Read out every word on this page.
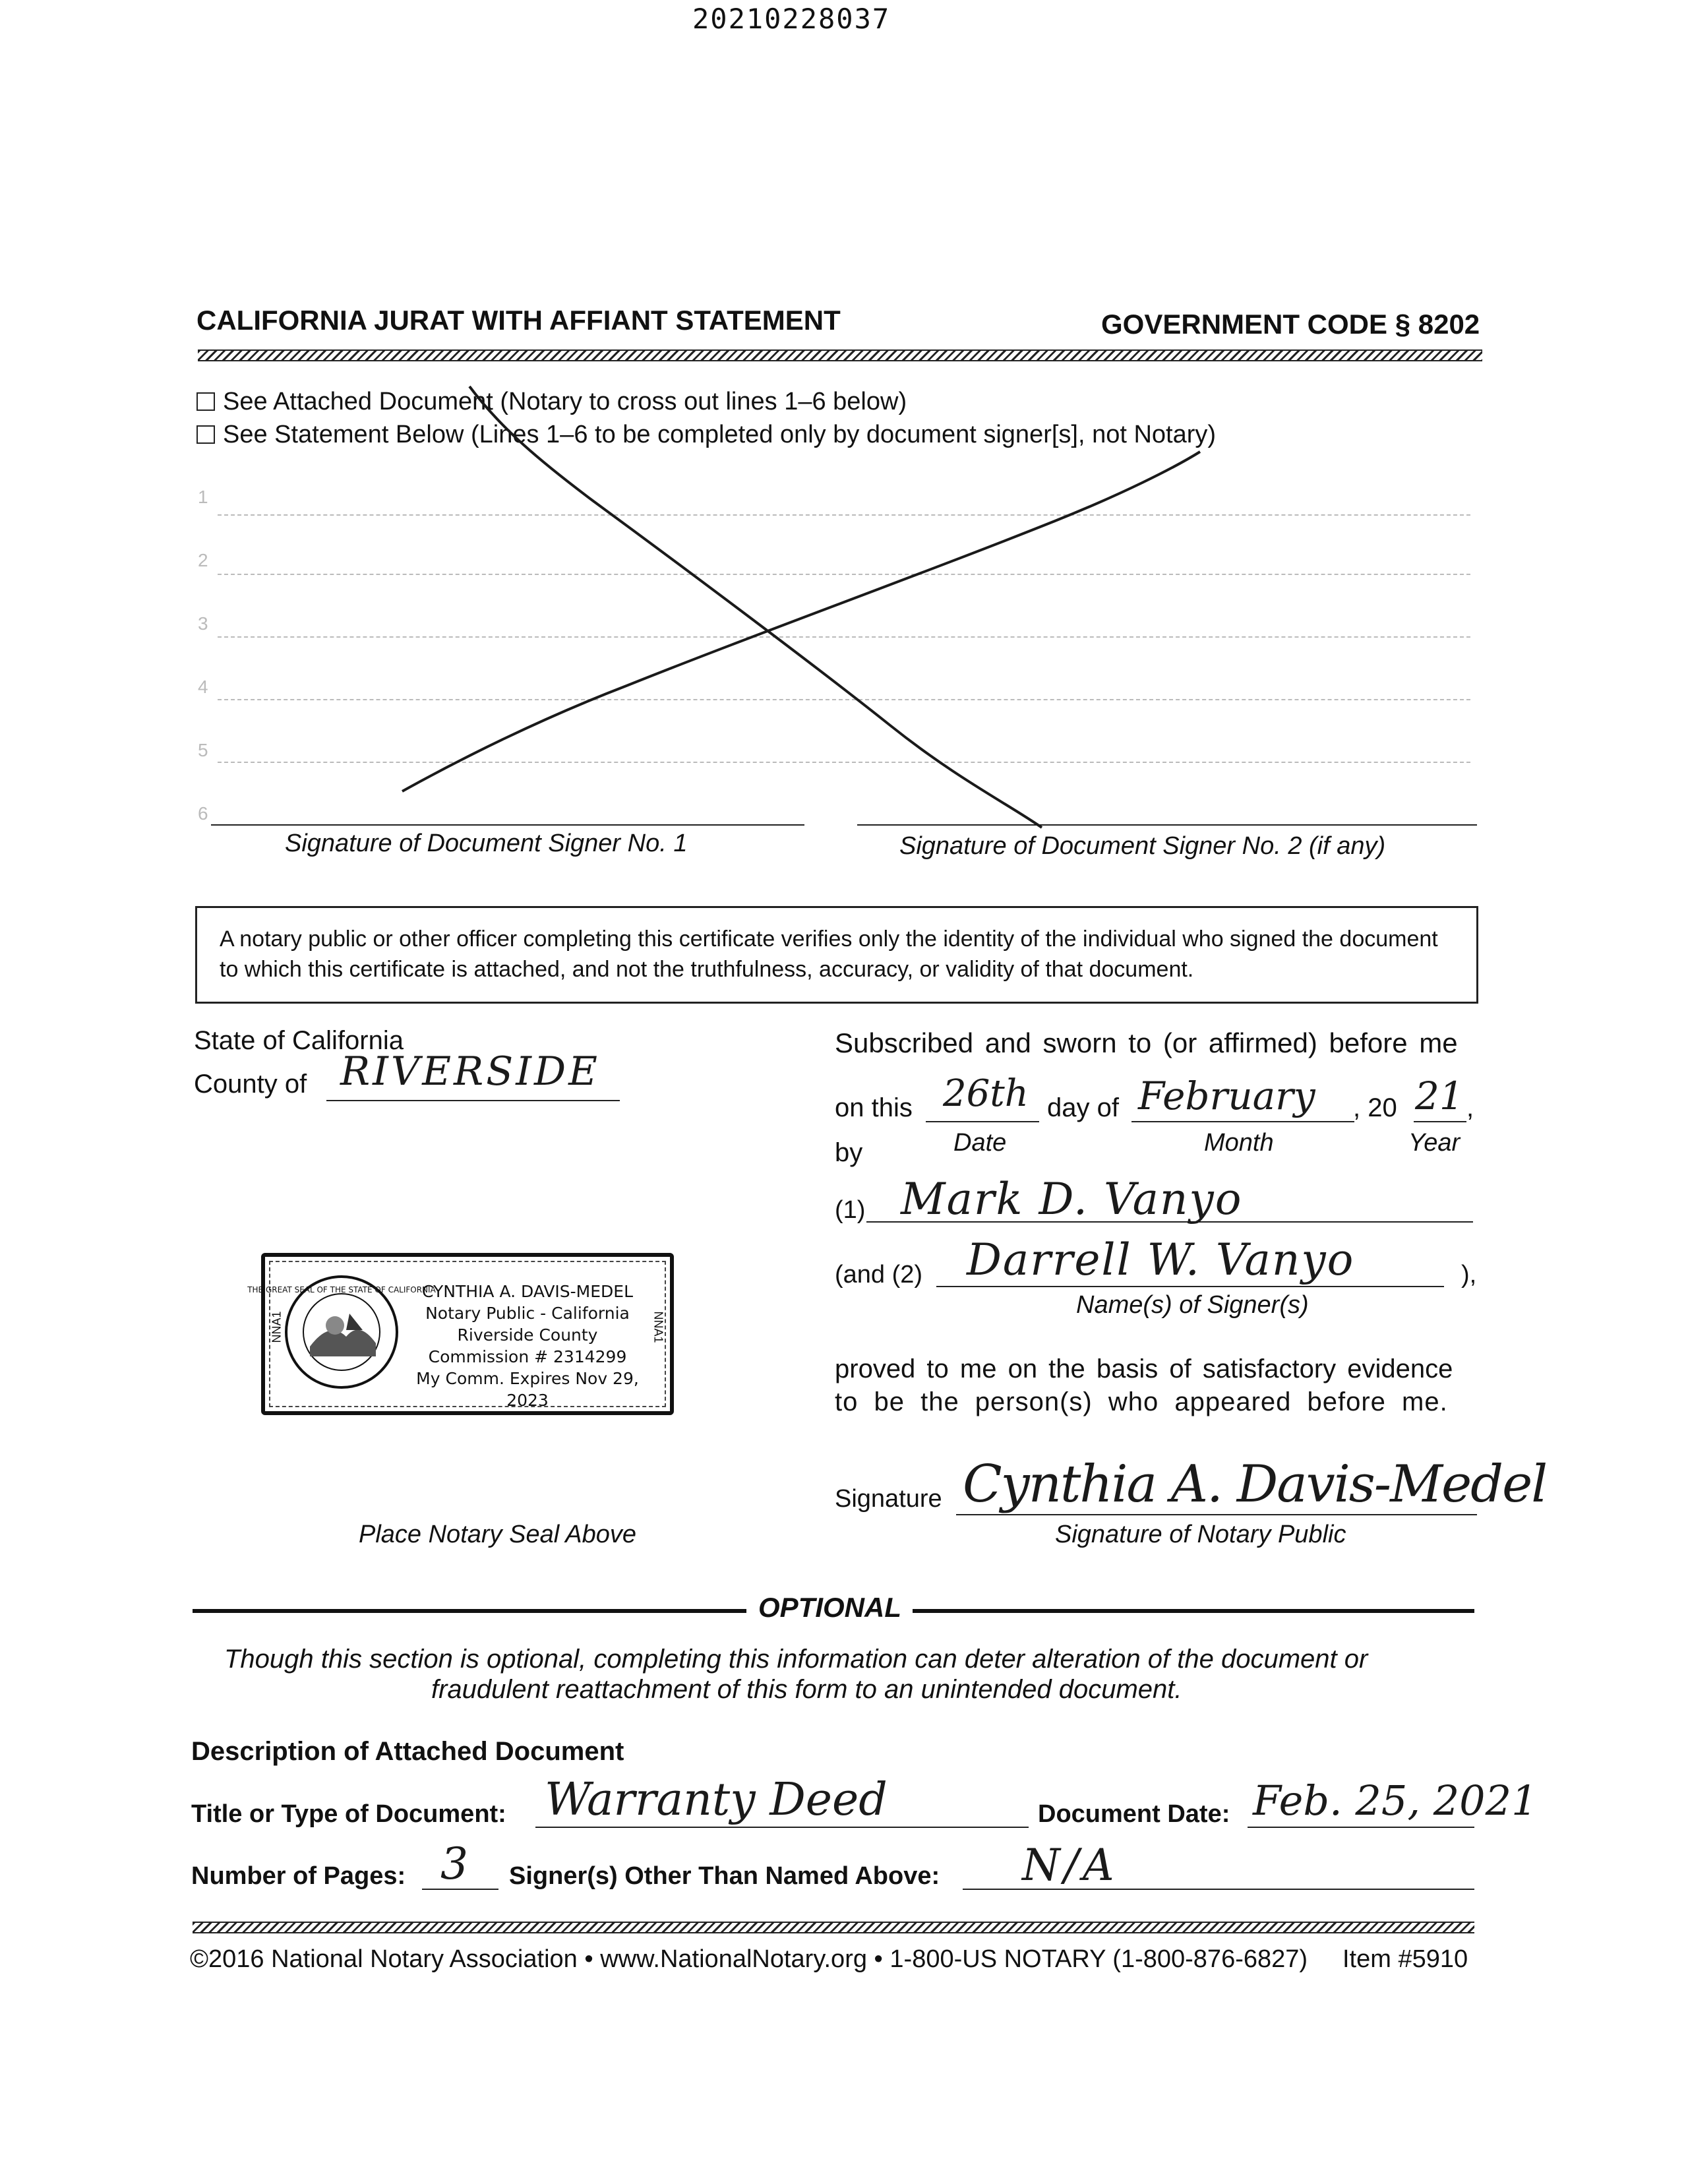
20210228037
CALIFORNIA JURAT WITH AFFIANT STATEMENT	GOVERNMENT CODE § 8202
See Attached Document (Notary to cross out lines 1–6 below)
See Statement Below (Lines 1–6 to be completed only by document signer[s], not Notary)
1
2
3
4
5
6
Signature of Document Signer No. 1	Signature of Document Signer No. 2 (if any)
A notary public or other officer completing this certificate verifies only the identity of the individual who signed the document to which this certificate is attached, and not the truthfulness, accuracy, or validity of that document.
State of California
County of RIVERSIDE
Subscribed and sworn to (or affirmed) before me
on this 26th day of February , 20 21 ,
by	Date	Month	Year
(1) Mark D. Vanyo
(and (2) Darrell W. Vanyo	),
Name(s) of Signer(s)
proved to me on the basis of satisfactory evidence
to be the person(s) who appeared before me.
Signature Cynthia A. Davis-Medel
Signature of Notary Public
NNA1	NNA1
THE GREAT SEAL OF THE STATE OF CALIFORNIA
CYNTHIA A. DAVIS-MEDEL
Notary Public - California
Riverside County
Commission # 2314299
My Comm. Expires Nov 29, 2023
Place Notary Seal Above
OPTIONAL
Though this section is optional, completing this information can deter alteration of the document or
fraudulent reattachment of this form to an unintended document.
Description of Attached Document
Title or Type of Document: Warranty Deed	Document Date: Feb. 25, 2021
Number of Pages: 3 Signer(s) Other Than Named Above: N/A
©2016 National Notary Association • www.NationalNotary.org • 1-800-US NOTARY (1-800-876-6827) Item #5910
